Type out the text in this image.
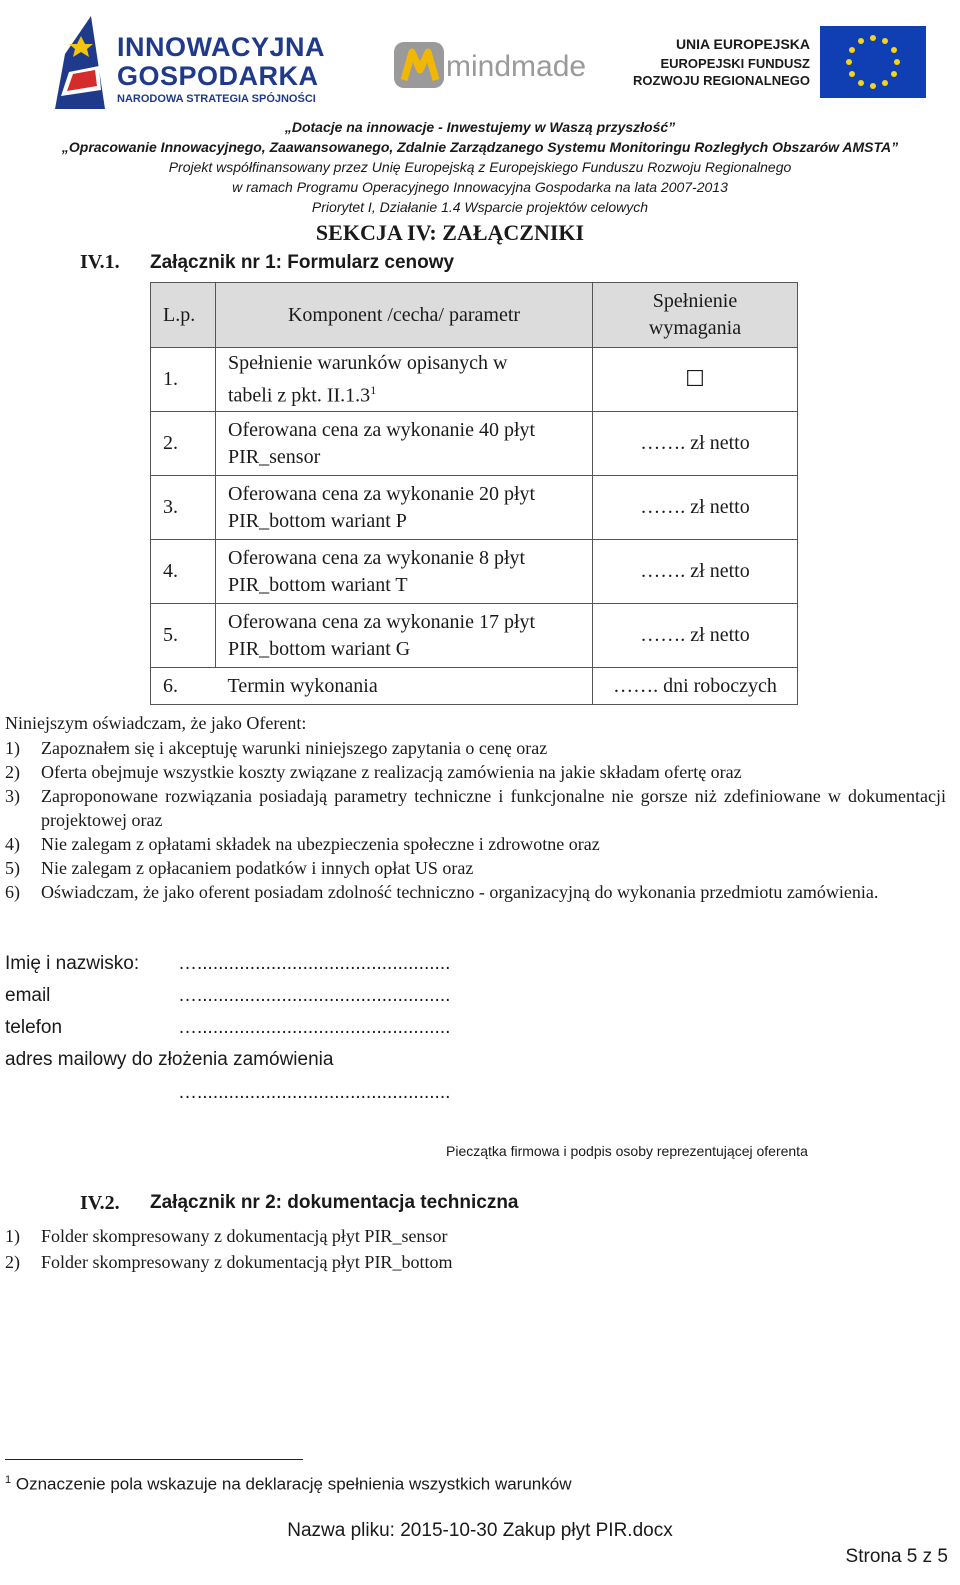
INNOWACYJNA
GOSPODARKA
NARODOWA STRATEGIA SPÓJNOŚCI
mindmade
UNIA EUROPEJSKA
EUROPEJSKI FUNDUSZ
ROZWOJU REGIONALNEGO
„Dotacje na innowacje - Inwestujemy w Waszą przyszłość”
„Opracowanie Innowacyjnego, Zaawansowanego, Zdalnie Zarządzanego Systemu Monitoringu Rozległych Obszarów AMSTA”
Projekt współfinansowany przez Unię Europejską z Europejskiego Funduszu Rozwoju Regionalnego
w ramach Programu Operacyjnego Innowacyjna Gospodarka na lata 2007-2013
Priorytet I, Działanie 1.4 Wsparcie projektów celowych
SEKCJA IV: ZAŁĄCZNIKI
IV.1. Załącznik nr 1: Formularz cenowy
L.p.	Komponent /cecha/ parametr	Spełnienie
wymagania
1.	Spełnienie warunków opisanych w
tabeli z pkt. II.1.3$^1$	☐
2.	Oferowana cena za wykonanie 40 płyt
PIR_sensor	……. zł netto
3.	Oferowana cena za wykonanie 20 płyt
PIR_bottom wariant P	……. zł netto
4.	Oferowana cena za wykonanie 8 płyt
PIR_bottom wariant T	……. zł netto
5.	Oferowana cena za wykonanie 17 płyt
PIR_bottom wariant G	……. zł netto
6.	Termin wykonania	……. dni roboczych
Niniejszym oświadczam, że jako Oferent:
1) Zapoznałem się i akceptuję warunki niniejszego zapytania o cenę oraz
2) Oferta obejmuje wszystkie koszty związane z realizacją zamówienia na jakie składam ofertę oraz
3) Zaproponowane rozwiązania posiadają parametry techniczne i funkcjonalne nie gorsze niż zdefiniowane w dokumentacji projektowej oraz
4) Nie zalegam z opłatami składek na ubezpieczenia społeczne i zdrowotne oraz
5) Nie zalegam z opłacaniem podatków i innych opłat US oraz
6) Oświadczam, że jako oferent posiadam zdolność techniczno - organizacyjną do wykonania przedmiotu zamówienia.
Imię i nazwisko: …................................................
email	…................................................
telefon	…................................................
adres mailowy do złożenia zamówienia
…................................................
Pieczątka firmowa i podpis osoby reprezentującej oferenta
IV.2. Załącznik nr 2: dokumentacja techniczna
1) Folder skompresowany z dokumentacją płyt PIR_sensor
2) Folder skompresowany z dokumentacją płyt PIR_bottom
$^1$ Oznaczenie pola wskazuje na deklarację spełnienia wszystkich warunków
Nazwa pliku: 2015-10-30 Zakup płyt PIR.docx
Strona 5 z 5
